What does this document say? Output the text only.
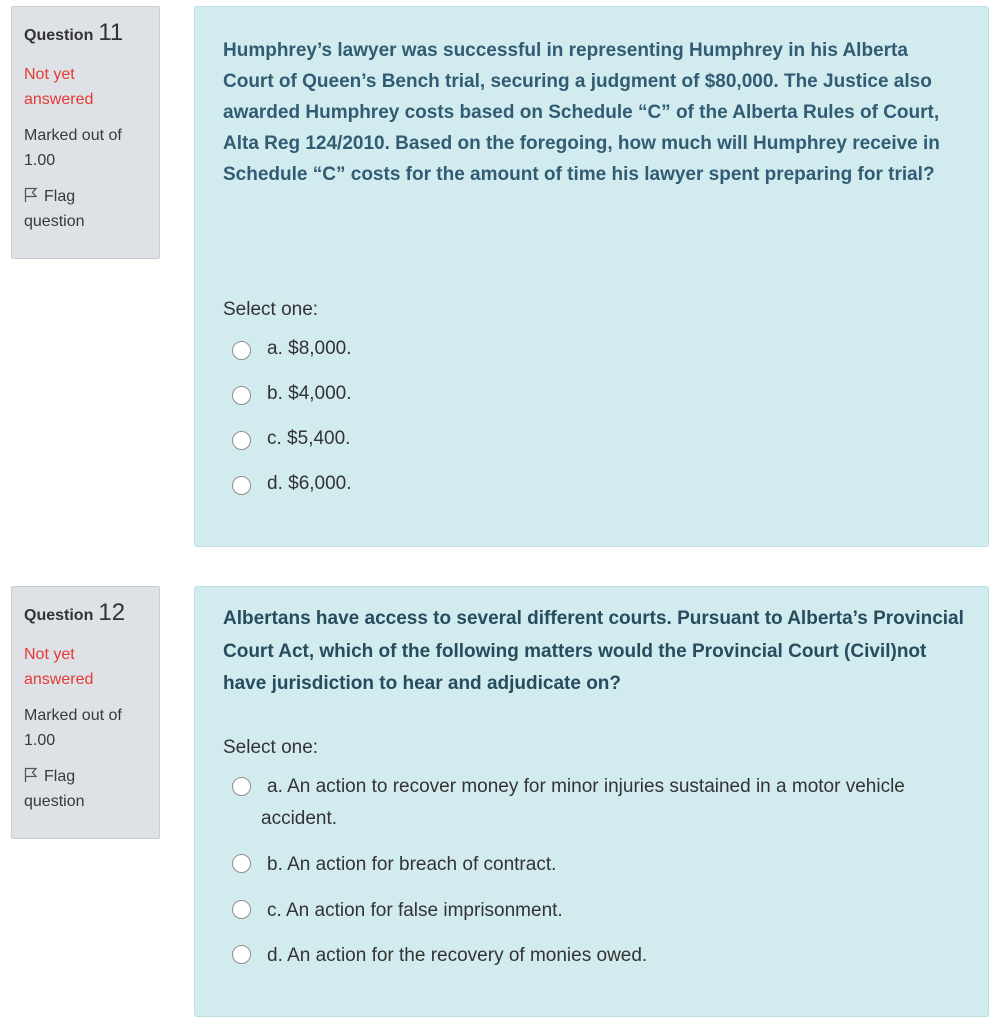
Question 11
Not yet answered
Marked out of 1.00
Flag question
Humphrey’s lawyer was successful in representing Humphrey in his Alberta Court of Queen’s Bench trial, securing a judgment of $80,000. The Justice also awarded Humphrey costs based on Schedule “C” of the Alberta Rules of Court, Alta Reg 124/2010. Based on the foregoing, how much will Humphrey receive in Schedule “C” costs for the amount of time his lawyer spent preparing for trial?
Select one:
a. $8,000.
b. $4,000.
c. $5,400.
d. $6,000.
Question 12
Not yet answered
Marked out of 1.00
Flag question
Albertans have access to several different courts. Pursuant to Alberta’s Provincial Court Act, which of the following matters would the Provincial Court (Civil)not have jurisdiction to hear and adjudicate on?
Select one:
a. An action to recover money for minor injuries sustained in a motor vehicle accident.
b. An action for breach of contract.
c. An action for false imprisonment.
d. An action for the recovery of monies owed.
